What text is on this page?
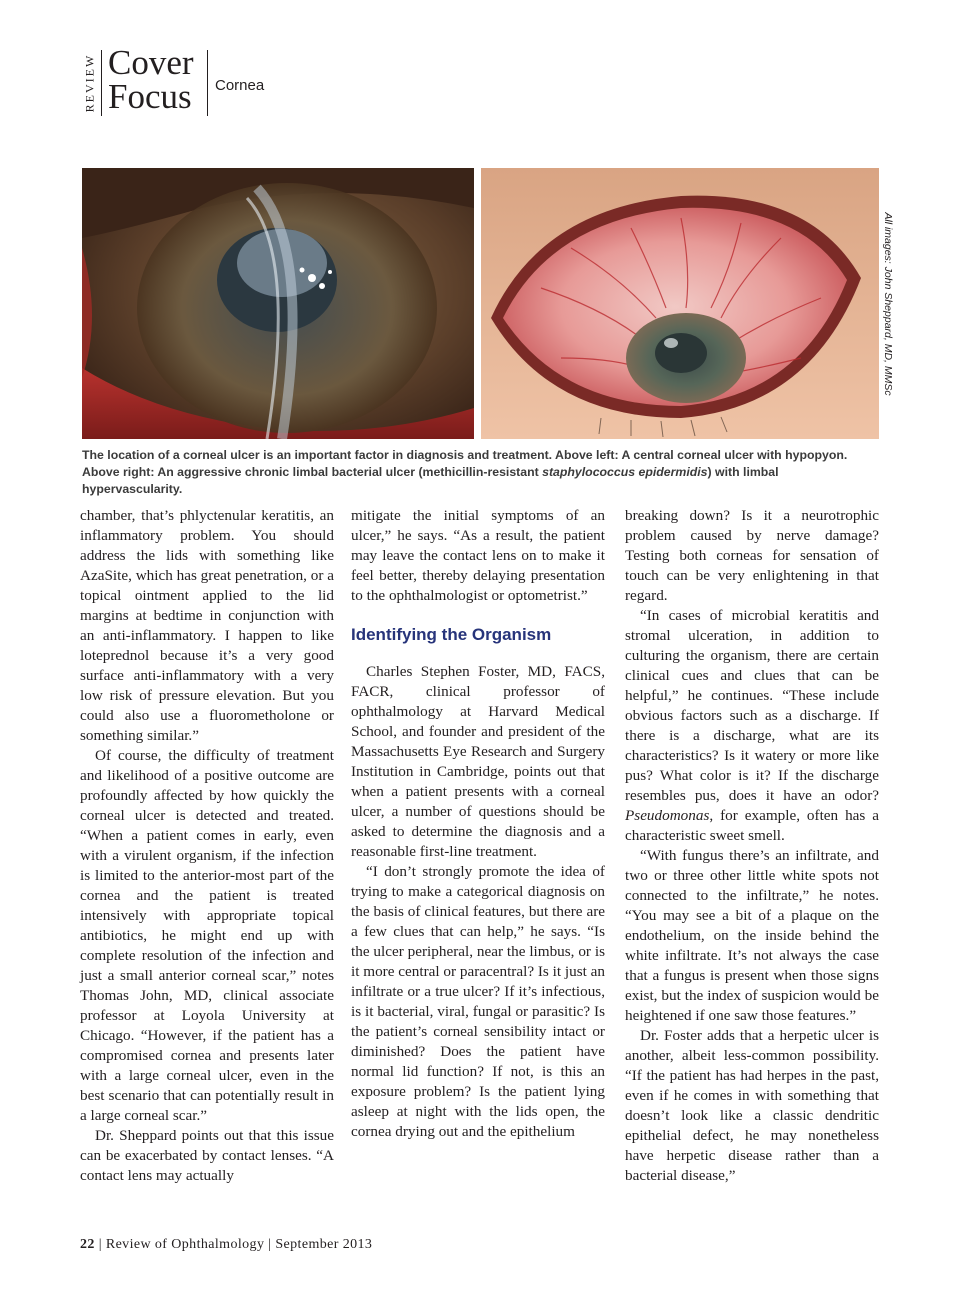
REVIEW Cover
Focus Cornea
All images: John Sheppard, MD, MMSc
The location of a corneal ulcer is an important factor in diagnosis and treatment. Above left: A central corneal ulcer with hypopyon. Above right: An aggressive chronic limbal bacterial ulcer (methicillin-resistant staphylococcus epidermidis) with limbal hypervascularity.

chamber, that’s phlyctenular keratitis, an inflammatory problem. You should address the lids with something like AzaSite, which has great penetration, or a topical ointment applied to the lid margins at bedtime in conjunction with an anti-inflammatory. I happen to like loteprednol because it’s a very good surface anti-inflammatory with a very low risk of pressure elevation. But you could also use a fluorometholone or something similar.”

Of course, the difficulty of treatment and likelihood of a positive outcome are profoundly affected by how quickly the corneal ulcer is detected and treated. “When a patient comes in early, even with a virulent organism, if the infection is limited to the anterior-most part of the cornea and the patient is treated intensively with appropriate topical antibiotics, he might end up with complete resolution of the infection and just a small anterior corneal scar,” notes Thomas John, MD, clinical associate professor at Loyola University at Chicago. “However, if the patient has a compromised cornea and presents later with a large corneal ulcer, even in the best scenario that can potentially result in a large corneal scar.”

Dr. Sheppard points out that this issue can be exacerbated by contact lenses. “A contact lens may actually

mitigate the initial symptoms of an ulcer,” he says. “As a result, the patient may leave the contact lens on to make it feel better, thereby delaying presentation to the ophthalmologist or optometrist.”

Identifying the Organism

Charles Stephen Foster, MD, FACS, FACR, clinical professor of ophthalmology at Harvard Medical School, and founder and president of the Massachusetts Eye Research and Surgery Institution in Cambridge, points out that when a patient presents with a corneal ulcer, a number of questions should be asked to determine the diagnosis and a reasonable first-line treatment.

“I don’t strongly promote the idea of trying to make a categorical diagnosis on the basis of clinical features, but there are a few clues that can help,” he says. “Is the ulcer peripheral, near the limbus, or is it more central or paracentral? Is it just an infiltrate or a true ulcer? If it’s infectious, is it bacterial, viral, fungal or parasitic? Is the patient’s corneal sensibility intact or diminished? Does the patient have normal lid function? If not, is this an exposure problem? Is the patient lying asleep at night with the lids open, the cornea drying out and the epithelium

breaking down? Is it a neurotrophic problem caused by nerve damage? Testing both corneas for sensation of touch can be very enlightening in that regard.

“In cases of microbial keratitis and stromal ulceration, in addition to culturing the organism, there are certain clinical cues and clues that can be helpful,” he continues. “These include obvious factors such as a discharge. If there is a discharge, what are its characteristics? Is it watery or more like pus? What color is it? If the discharge resembles pus, does it have an odor? Pseudomonas, for example, often has a characteristic sweet smell.

“With fungus there’s an infiltrate, and two or three other little white spots not connected to the infiltrate,” he notes. “You may see a bit of a plaque on the endothelium, on the inside behind the white infiltrate. It’s not always the case that a fungus is present when those signs exist, but the index of suspicion would be heightened if one saw those features.”

Dr. Foster adds that a herpetic ulcer is another, albeit less-common possibility. “If the patient has had herpes in the past, even if he comes in with something that doesn’t look like a classic dendritic epithelial defect, he may nonetheless have herpetic disease rather than a bacterial disease,”

22 | Review of Ophthalmology | September 2013
